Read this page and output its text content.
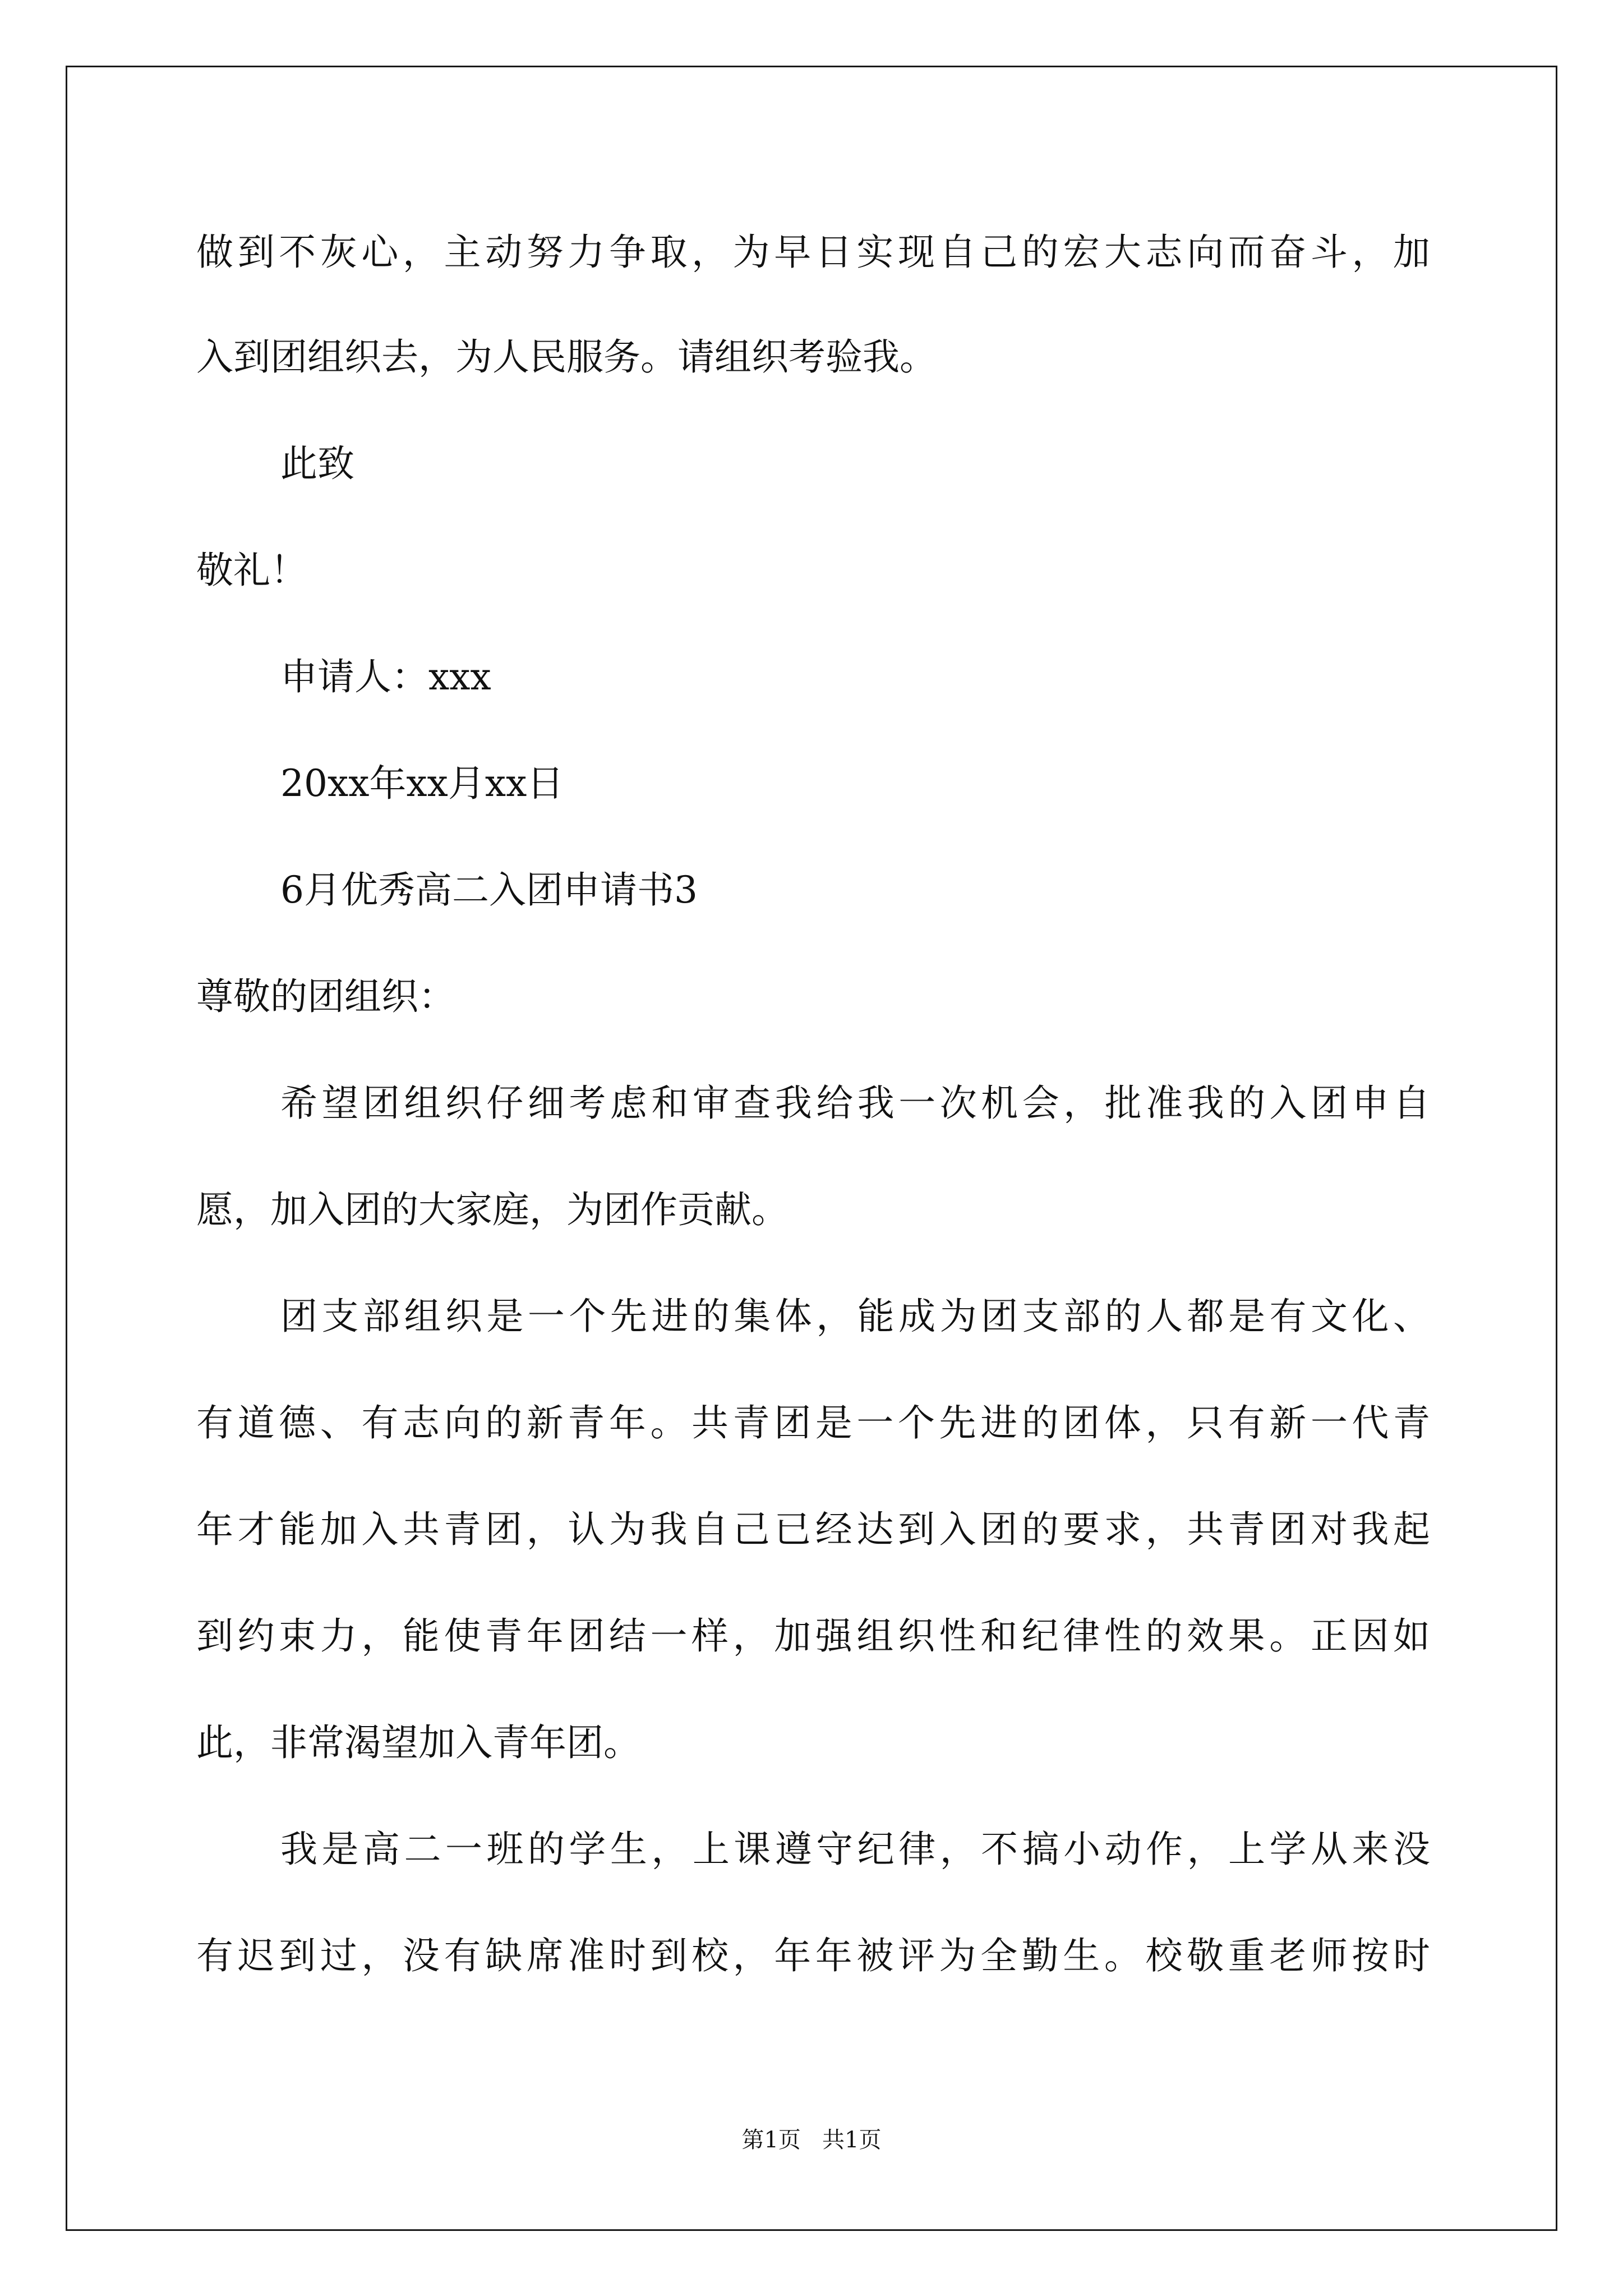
做到不灰心，主动努力争取，为早日实现自己的宏大志向而奋斗，加
入到团组织去，为人民服务。请组织考验我。
此致
敬礼！
申请人：xxx
20xx年xx月xx日
6月优秀高二入团申请书3
尊敬的团组织：
希望团组织仔细考虑和审查我给我一次机会，批准我的入团申自
愿，加入团的大家庭，为团作贡献。
团支部组织是一个先进的集体，能成为团支部的人都是有文化、
有道德、有志向的新青年。共青团是一个先进的团体，只有新一代青
年才能加入共青团，认为我自己已经达到入团的要求，共青团对我起
到约束力，能使青年团结一样，加强组织性和纪律性的效果。正因如
此，非常渴望加入青年团。
我是高二一班的学生，上课遵守纪律，不搞小动作，上学从来没
有迟到过，没有缺席准时到校，年年被评为全勤生。校敬重老师按时
第1页   共1页
